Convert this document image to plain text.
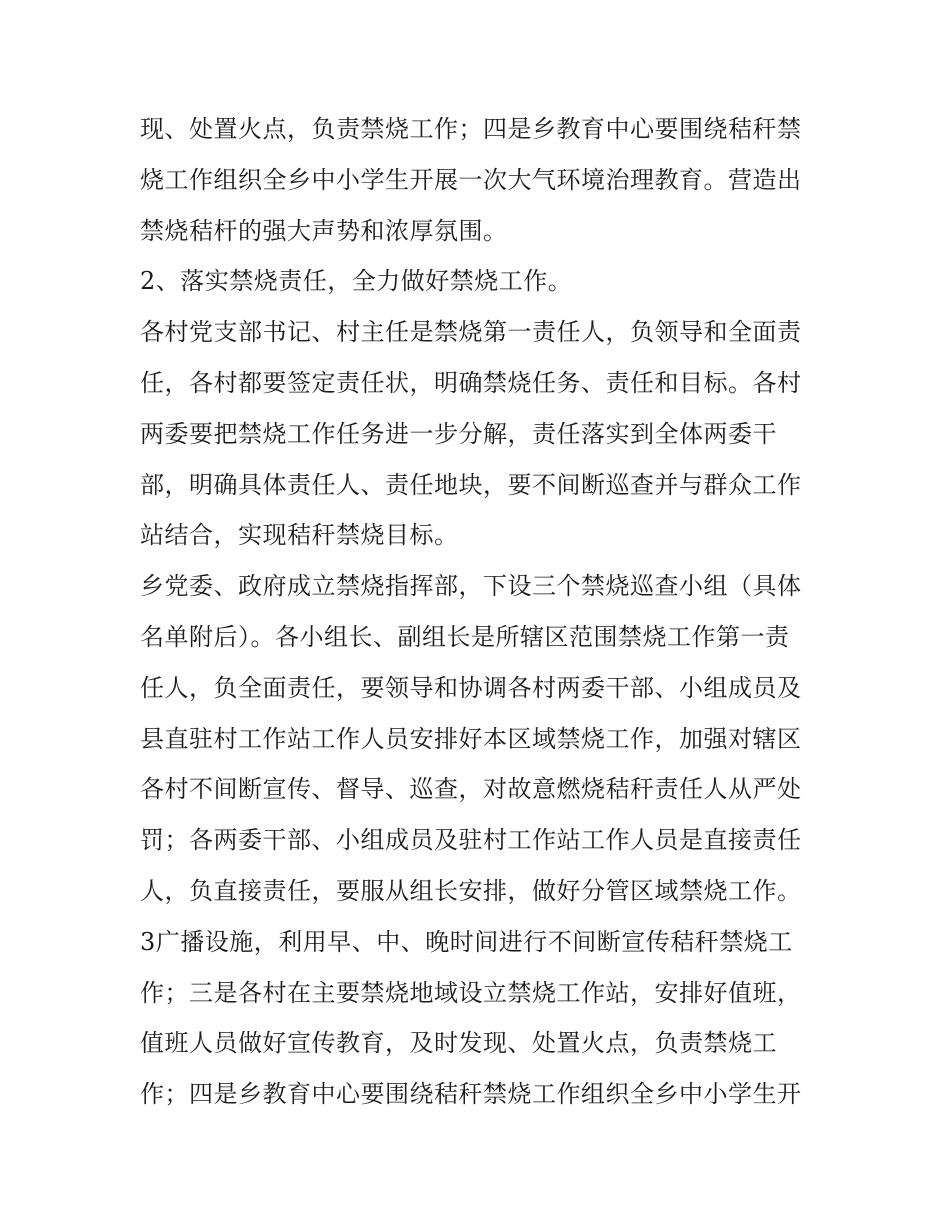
现、处置火点，负责禁烧工作；四是乡教育中心要围绕秸秆禁
烧工作组织全乡中小学生开展一次大气环境治理教育。营造出
禁烧秸杆的强大声势和浓厚氛围。
2、落实禁烧责任，全力做好禁烧工作。
各村党支部书记、村主任是禁烧第一责任人，负领导和全面责
任，各村都要签定责任状，明确禁烧任务、责任和目标。各村
两委要把禁烧工作任务进一步分解，责任落实到全体两委干
部，明确具体责任人、责任地块，要不间断巡查并与群众工作
站结合，实现秸秆禁烧目标。
乡党委、政府成立禁烧指挥部，下设三个禁烧巡查小组（具体
名单附后）。各小组长、副组长是所辖区范围禁烧工作第一责
任人，负全面责任，要领导和协调各村两委干部、小组成员及
县直驻村工作站工作人员安排好本区域禁烧工作，加强对辖区
各村不间断宣传、督导、巡查，对故意燃烧秸秆责任人从严处
罚；各两委干部、小组成员及驻村工作站工作人员是直接责任
人，负直接责任，要服从组长安排，做好分管区域禁烧工作。
3广播设施，利用早、中、晚时间进行不间断宣传秸秆禁烧工
作；三是各村在主要禁烧地域设立禁烧工作站，安排好值班，
值班人员做好宣传教育，及时发现、处置火点，负责禁烧工
作；四是乡教育中心要围绕秸秆禁烧工作组织全乡中小学生开
